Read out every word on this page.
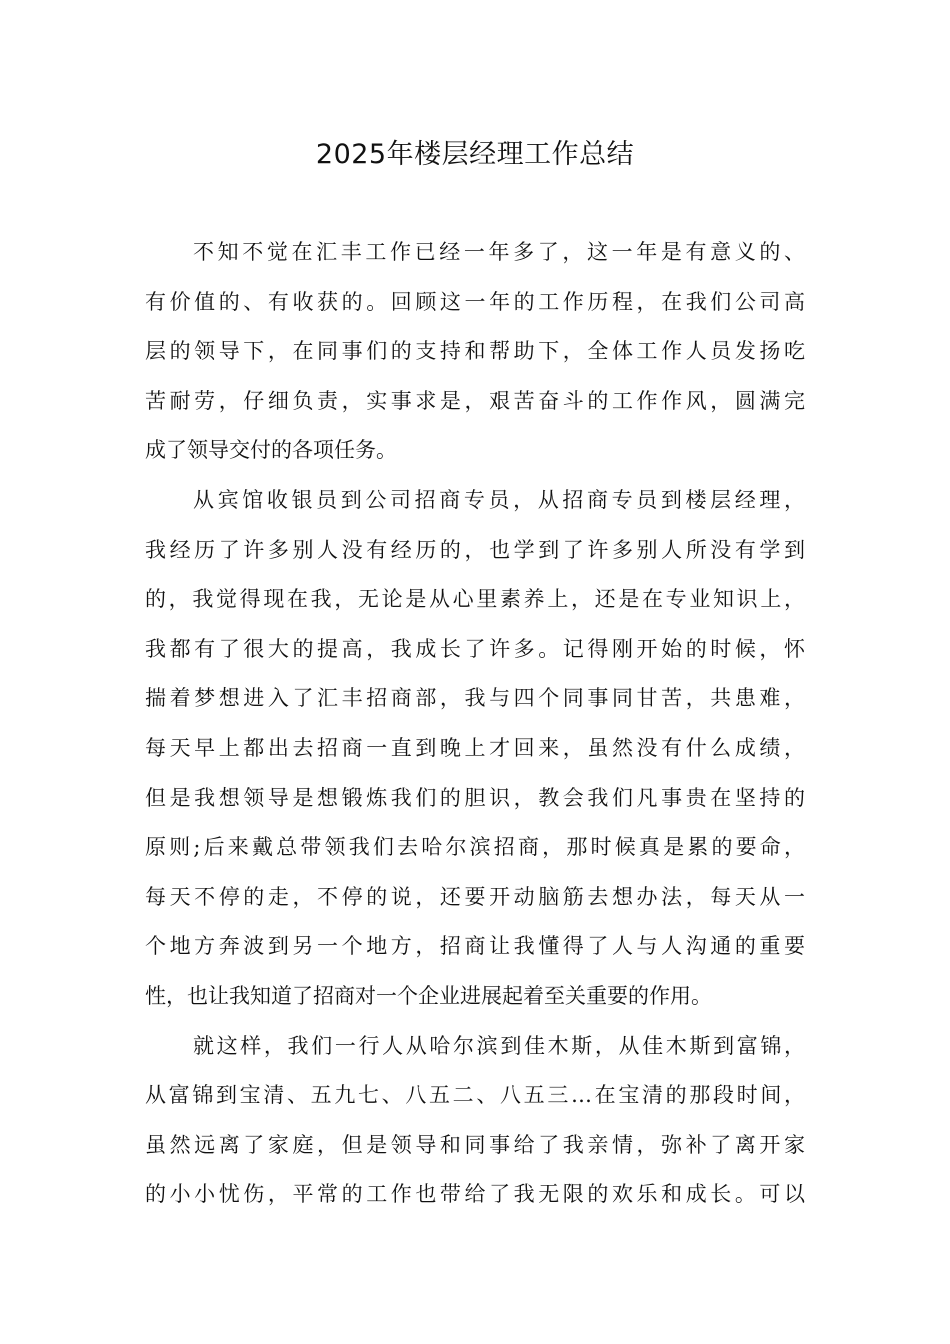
2025年楼层经理工作总结
不知不觉在汇丰工作已经一年多了，这一年是有意义的、
有价值的、有收获的。回顾这一年的工作历程，在我们公司高
层的领导下，在同事们的支持和帮助下，全体工作人员发扬吃
苦耐劳，仔细负责，实事求是，艰苦奋斗的工作作风，圆满完
成了领导交付的各项任务。
从宾馆收银员到公司招商专员，从招商专员到楼层经理，
我经历了许多别人没有经历的，也学到了许多别人所没有学到
的，我觉得现在我，无论是从心里素养上，还是在专业知识上，
我都有了很大的提高，我成长了许多。记得刚开始的时候，怀
揣着梦想进入了汇丰招商部，我与四个同事同甘苦，共患难，
每天早上都出去招商一直到晚上才回来，虽然没有什么成绩，
但是我想领导是想锻炼我们的胆识，教会我们凡事贵在坚持的
原则;后来戴总带领我们去哈尔滨招商，那时候真是累的要命，
每天不停的走，不停的说，还要开动脑筋去想办法，每天从一
个地方奔波到另一个地方，招商让我懂得了人与人沟通的重要
性，也让我知道了招商对一个企业进展起着至关重要的作用。
就这样，我们一行人从哈尔滨到佳木斯，从佳木斯到富锦，
从富锦到宝清、五九七、八五二、八五三…在宝清的那段时间，
虽然远离了家庭，但是领导和同事给了我亲情，弥补了离开家
的小小忧伤，平常的工作也带给了我无限的欢乐和成长。可以
